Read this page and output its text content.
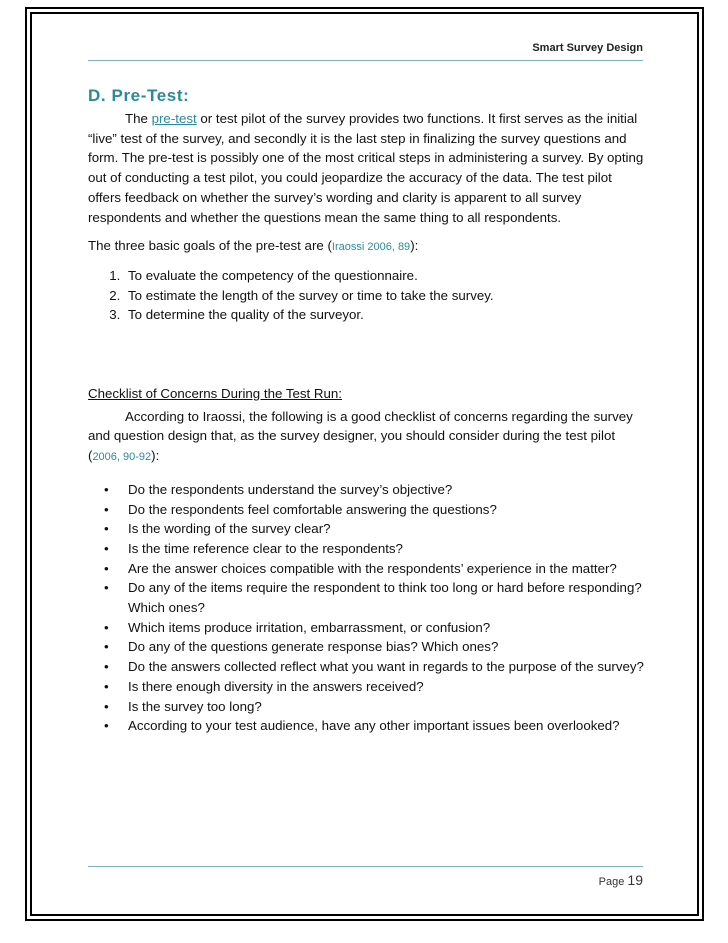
Smart Survey Design
D. Pre-Test:

The pre-test or test pilot of the survey provides two functions. It first serves as the initial “live” test of the survey, and secondly it is the last step in finalizing the survey questions and form. The pre-test is possibly one of the most critical steps in administering a survey. By opting out of conducting a test pilot, you could jeopardize the accuracy of the data. The test pilot offers feedback on whether the survey’s wording and clarity is apparent to all survey respondents and whether the questions mean the same thing to all respondents.

The three basic goals of the pre-test are (Iraossi 2006, 89):

1. To evaluate the competency of the questionnaire.
2. To estimate the length of the survey or time to take the survey.
3. To determine the quality of the surveyor.

Checklist of Concerns During the Test Run:

According to Iraossi, the following is a good checklist of concerns regarding the survey and question design that, as the survey designer, you should consider during the test pilot (2006, 90-92):

• Do the respondents understand the survey’s objective?
• Do the respondents feel comfortable answering the questions?
• Is the wording of the survey clear?
• Is the time reference clear to the respondents?
• Are the answer choices compatible with the respondents’ experience in the matter?
• Do any of the items require the respondent to think too long or hard before responding? Which ones?
• Which items produce irritation, embarrassment, or confusion?
• Do any of the questions generate response bias? Which ones?
• Do the answers collected reflect what you want in regards to the purpose of the survey?
• Is there enough diversity in the answers received?
• Is the survey too long?
• According to your test audience, have any other important issues been overlooked?
Page 19
